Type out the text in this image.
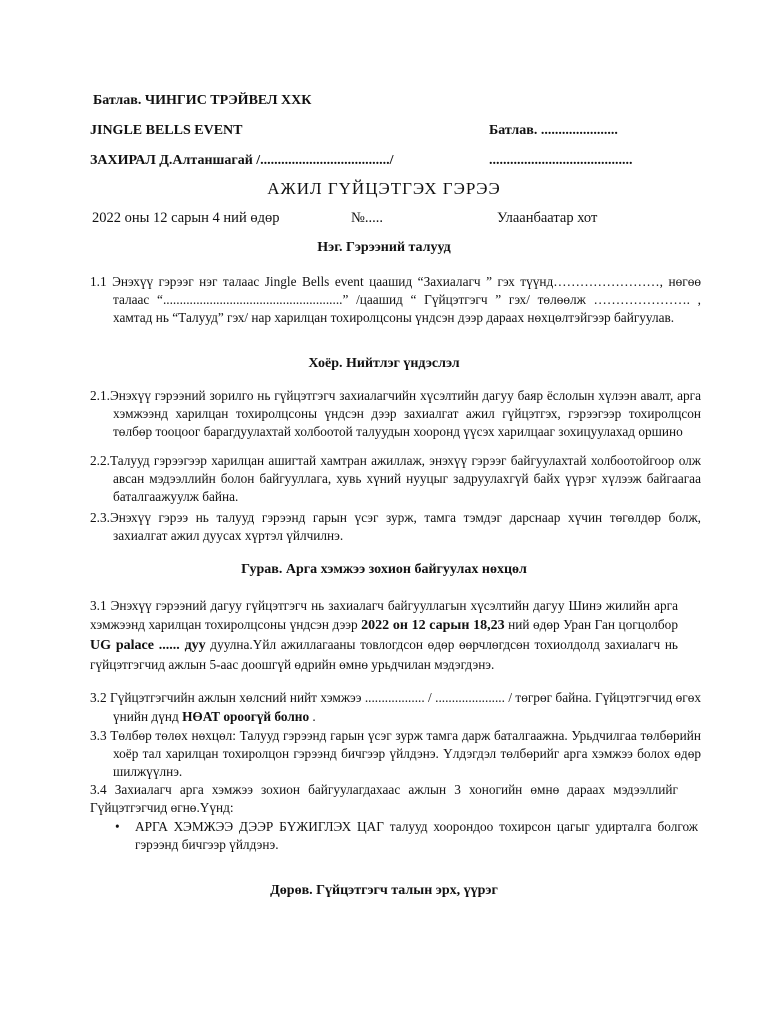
Батлав. ЧИНГИС ТРЭЙВЕЛ ХХК
JINGLE BELLS EVENT	Батлав. ......................
ЗАХИРАЛ Д.Алтаншагай /...................................../	.........................................
АЖИЛ ГҮЙЦЭТГЭХ ГЭРЭЭ
2022 оны 12 сарын 4 ний өдөр	№.....	Улаанбаатар хот
Нэг. Гэрээний талууд
1.1 Энэхүү гэрээг нэг талаас Jingle Bells event цаашид “Захиалагч ” гэх түүнд……………………, нөгөө талаас “......................................................” /цаашид “ Гүйцэтгэгч ” гэх/ төлөөлж …………………. , хамтад нь “Талууд” гэх/ нар харилцан тохиролцсоны үндсэн дээр дараах нөхцөлтэйгээр байгуулав.
Хоёр. Нийтлэг үндэслэл
2.1.Энэхүү гэрээний зорилго нь гүйцэтгэгч захиалагчийн хүсэлтийн дагуу баяр ёслолын хүлээн авалт, арга хэмжээнд харилцан тохиролцсоны үндсэн дээр захиалгат ажил гүйцэтгэх, гэрээгээр тохиролцсон төлбөр тооцоог барагдуулахтай холбоотой талуудын хооронд үүсэх харилцааг зохицуулахад оршино
2.2.Талууд гэрээгээр харилцан ашигтай хамтран ажиллаж, энэхүү гэрээг байгуулахтай холбоотойгоор олж авсан мэдээллийн болон байгууллага, хувь хүний нууцыг задруулахгүй байх үүрэг хүлээж байгаагаа баталгаажуулж байна.
2.3.Энэхүү гэрээ нь талууд гэрээнд гарын үсэг зурж, тамга тэмдэг дарснаар хүчин төгөлдөр болж, захиалгат ажил дуусах хүртэл үйлчилнэ.
Гурав. Арга хэмжээ зохион байгуулах нөхцөл
3.1 Энэхүү гэрээний дагуу гүйцэтгэгч нь захиалагч байгууллагын хүсэлтийн дагуу Шинэ жилийн арга хэмжээнд харилцан тохиролцсоны үндсэн дээр 2022 он 12 сарын 18,23 ний өдөр Уран Ган цогцолбор UG palace ...... дуу дуулна.Үйл ажиллагааны товлогдсон өдөр өөрчлөгдсөн тохиолдолд захиалагч нь гүйцэтгэгчид ажлын 5-аас доошгүй өдрийн өмнө урьдчилан мэдэгдэнэ.
3.2 Гүйцэтгэгчийн ажлын хөлсний нийт хэмжээ .................. / ..................... / төгрөг байна. Гүйцэтгэгчид өгөх үнийн дүнд НӨАТ ороогүй болно .
3.3 Төлбөр төлөх нөхцөл: Талууд гэрээнд гарын үсэг зурж тамга дарж баталгаажна. Урьдчилгаа төлбөрийн хоёр тал харилцан тохиролцон гэрээнд бичгээр үйлдэнэ. Үлдэгдэл төлбөрийг арга хэмжээ болох өдөр шилжүүлнэ.
3.4 Захиалагч арга хэмжээ зохион байгуулагдахаас ажлын 3 хоногийн өмнө дараах мэдээллийг Гүйцэтгэгчид өгнө.Үүнд:
• АРГА ХЭМЖЭЭ ДЭЭР БҮЖИГЛЭХ ЦАГ талууд хоорондоо тохирсон цагыг удирталга болгож гэрээнд бичгээр үйлдэнэ.
Дөрөв. Гүйцэтгэгч талын эрх, үүрэг
